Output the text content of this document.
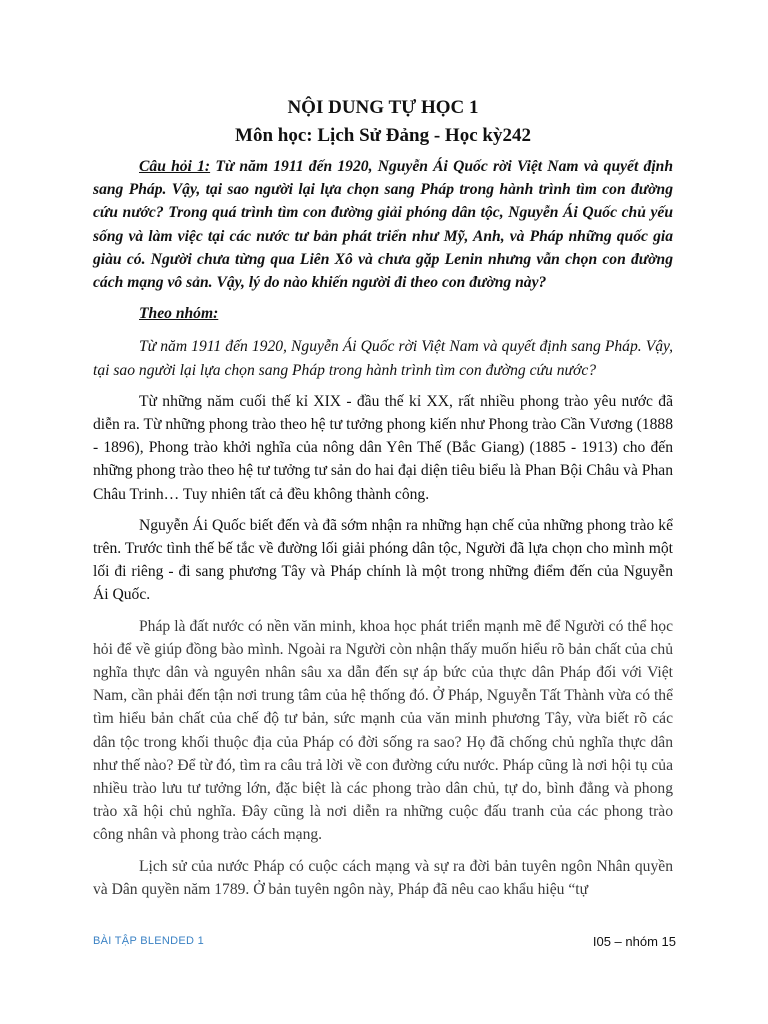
NỘI DUNG TỰ HỌC 1
Môn học: Lịch Sử Đảng - Học kỳ242

Câu hỏi 1: Từ năm 1911 đến 1920, Nguyễn Ái Quốc rời Việt Nam và quyết định sang Pháp. Vậy, tại sao người lại lựa chọn sang Pháp trong hành trình tìm con đường cứu nước? Trong quá trình tìm con đường giải phóng dân tộc, Nguyễn Ái Quốc chủ yếu sống và làm việc tại các nước tư bản phát triển như Mỹ, Anh, và Pháp những quốc gia giàu có. Người chưa từng qua Liên Xô và chưa gặp Lenin nhưng vẫn chọn con đường cách mạng vô sản. Vậy, lý do nào khiến người đi theo con đường này?

Theo nhóm:

Từ năm 1911 đến 1920, Nguyễn Ái Quốc rời Việt Nam và quyết định sang Pháp. Vậy, tại sao người lại lựa chọn sang Pháp trong hành trình tìm con đường cứu nước?

Từ những năm cuối thế kỉ XIX - đầu thế kỉ XX, rất nhiều phong trào yêu nước đã diễn ra. Từ những phong trào theo hệ tư tưởng phong kiến như Phong trào Cần Vương (1888 - 1896), Phong trào khởi nghĩa của nông dân Yên Thế (Bắc Giang) (1885 - 1913) cho đến những phong trào theo hệ tư tưởng tư sản do hai đại diện tiêu biểu là Phan Bội Châu và Phan Châu Trinh… Tuy nhiên tất cả đều không thành công.

Nguyễn Ái Quốc biết đến và đã sớm nhận ra những hạn chế của những phong trào kể trên. Trước tình thế bế tắc về đường lối giải phóng dân tộc, Người đã lựa chọn cho mình một lối đi riêng - đi sang phương Tây và Pháp chính là một trong những điểm đến của Nguyễn Ái Quốc.

Pháp là đất nước có nền văn minh, khoa học phát triển mạnh mẽ để Người có thể học hỏi để về giúp đồng bào mình. Ngoài ra Người còn nhận thấy muốn hiểu rõ bản chất của chủ nghĩa thực dân và nguyên nhân sâu xa dẫn đến sự áp bức của thực dân Pháp đối với Việt Nam, cần phải đến tận nơi trung tâm của hệ thống đó. Ở Pháp, Nguyễn Tất Thành vừa có thể tìm hiểu bản chất của chế độ tư bản, sức mạnh của văn minh phương Tây, vừa biết rõ các dân tộc trong khối thuộc địa của Pháp có đời sống ra sao? Họ đã chống chủ nghĩa thực dân như thế nào? Để từ đó, tìm ra câu trả lời về con đường cứu nước. Pháp cũng là nơi hội tụ của nhiều trào lưu tư tưởng lớn, đặc biệt là các phong trào dân chủ, tự do, bình đẳng và phong trào xã hội chủ nghĩa. Đây cũng là nơi diễn ra những cuộc đấu tranh của các phong trào công nhân và phong trào cách mạng.

Lịch sử của nước Pháp có cuộc cách mạng và sự ra đời bản tuyên ngôn Nhân quyền và Dân quyền năm 1789. Ở bản tuyên ngôn này, Pháp đã nêu cao khẩu hiệu “tự

BÀI TẬP BLENDED 1	I05 – nhóm 15
